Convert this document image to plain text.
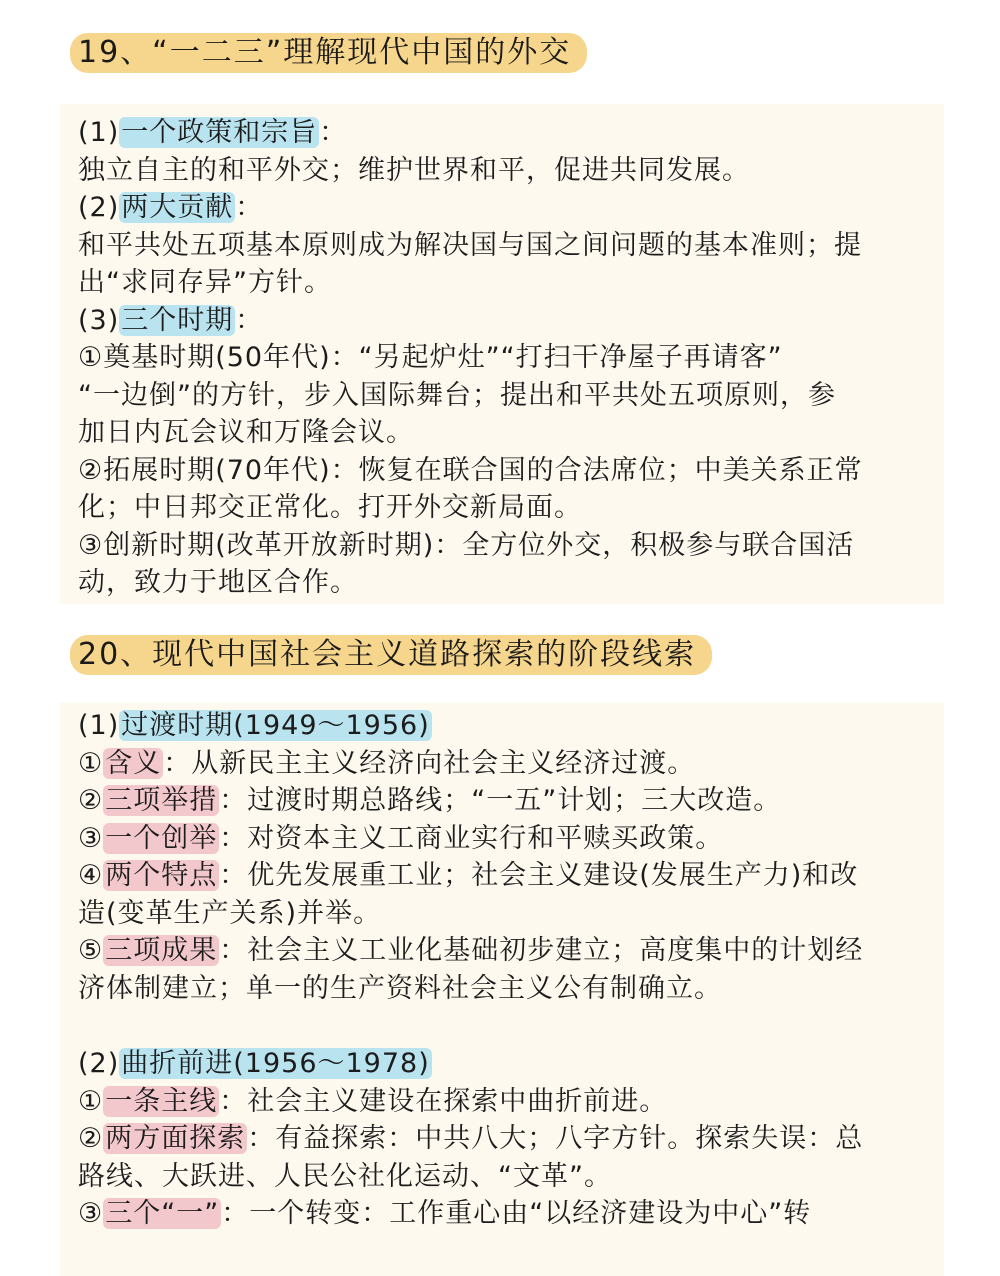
19、“一二三”理解现代中国的外交
(1)一个政策和宗旨：
独立自主的和平外交；维护世界和平，促进共同发展。
(2)两大贡献：
和平共处五项基本原则成为解决国与国之间问题的基本准则；提
出“求同存异”方针。
(3)三个时期：
①奠基时期(50年代)：“另起炉灶”“打扫干净屋子再请客”
“一边倒”的方针，步入国际舞台；提出和平共处五项原则，参
加日内瓦会议和万隆会议。
②拓展时期(70年代)：恢复在联合国的合法席位；中美关系正常
化；中日邦交正常化。打开外交新局面。
③创新时期(改革开放新时期)：全方位外交，积极参与联合国活
动，致力于地区合作。
20、现代中国社会主义道路探索的阶段线索
(1)过渡时期(1949～1956)
①含义：从新民主主义经济向社会主义经济过渡。
②三项举措：过渡时期总路线；“一五”计划；三大改造。
③一个创举：对资本主义工商业实行和平赎买政策。
④两个特点：优先发展重工业；社会主义建设(发展生产力)和改
造(变革生产关系)并举。
⑤三项成果：社会主义工业化基础初步建立；高度集中的计划经
济体制建立；单一的生产资料社会主义公有制确立。
(2)曲折前进(1956～1978)
①一条主线：社会主义建设在探索中曲折前进。
②两方面探索：有益探索：中共八大；八字方针。探索失误：总
路线、大跃进、人民公社化运动、“文革”。
③三个“一”：一个转变：工作重心由“以经济建设为中心”转
